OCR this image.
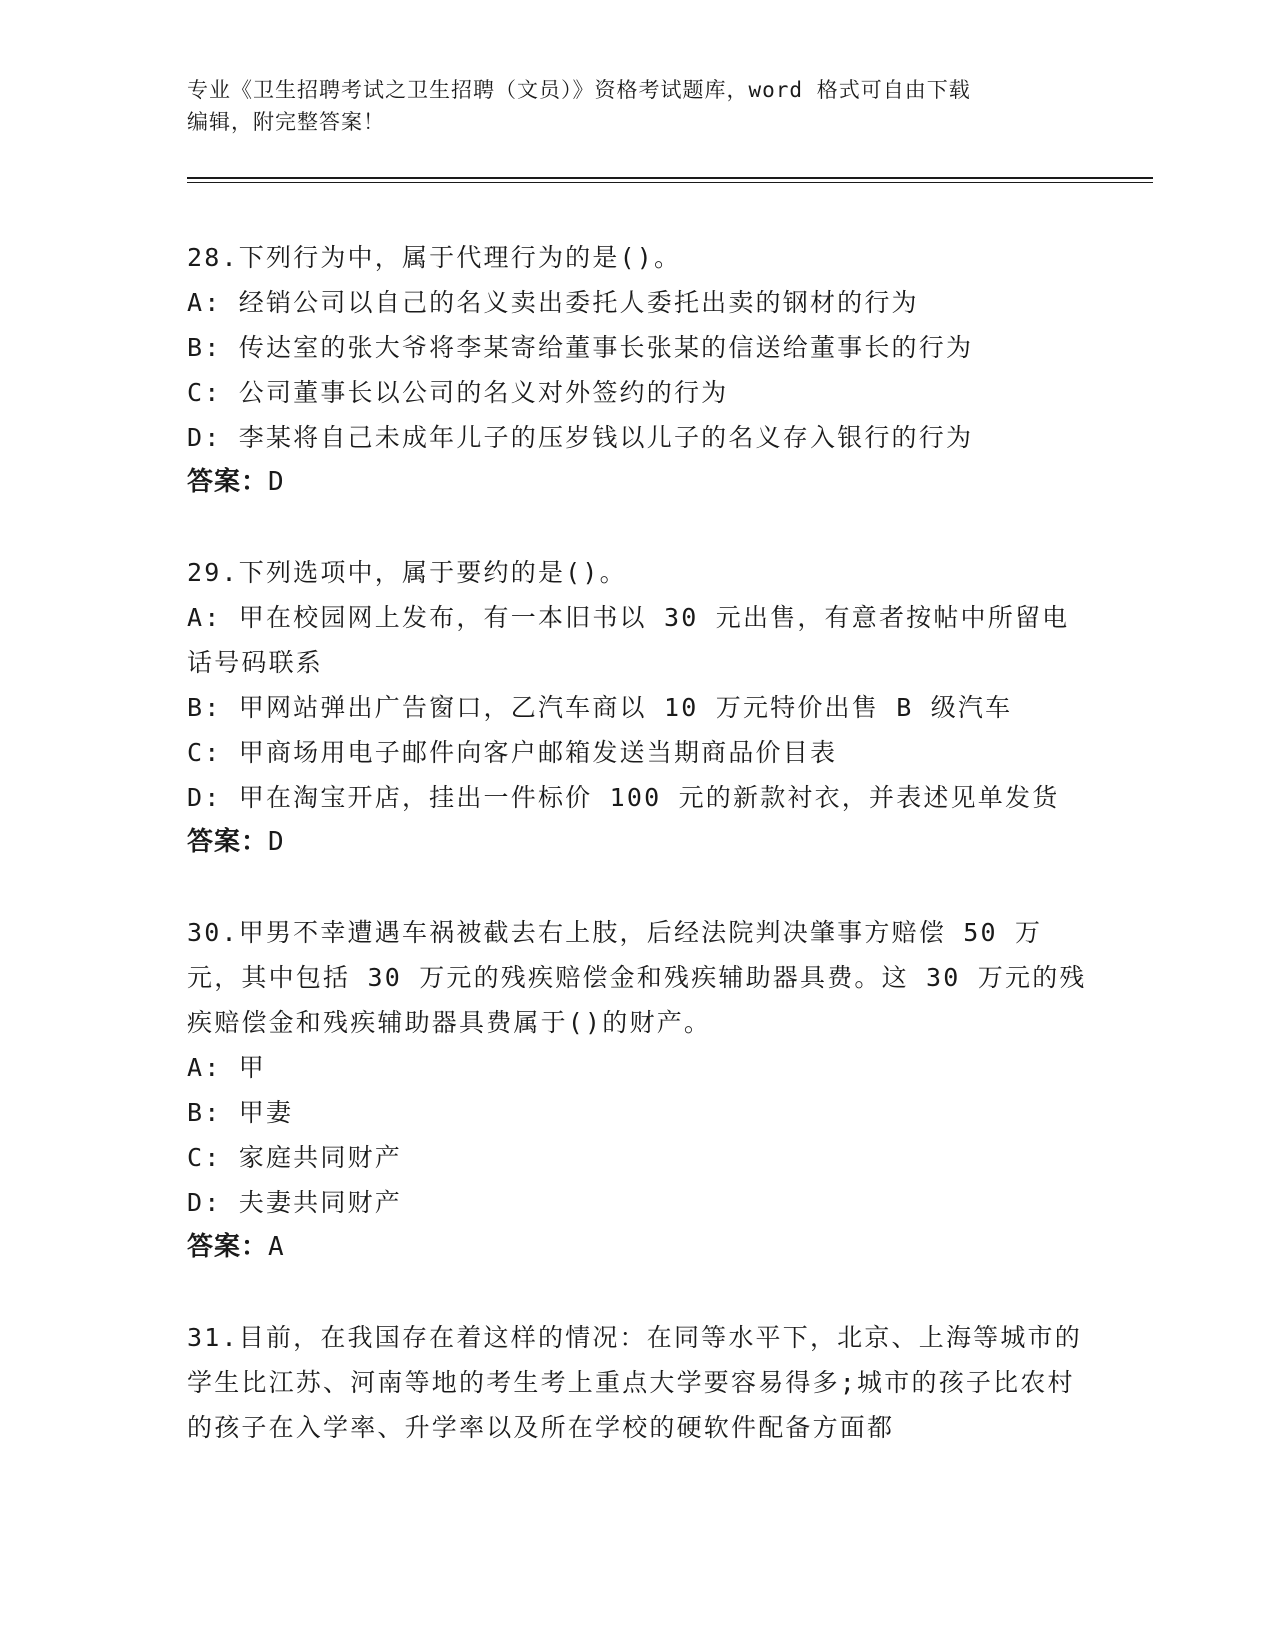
专业《卫生招聘考试之卫生招聘（文员）》资格考试题库，word 格式可自由下载
编辑，附完整答案！
28.下列行为中，属于代理行为的是()。
A: 经销公司以自己的名义卖出委托人委托出卖的钢材的行为
B: 传达室的张大爷将李某寄给董事长张某的信送给董事长的行为
C: 公司董事长以公司的名义对外签约的行为
D: 李某将自己未成年儿子的压岁钱以儿子的名义存入银行的行为
答案：D
29.下列选项中，属于要约的是()。
A: 甲在校园网上发布，有一本旧书以 30 元出售，有意者按帖中所留电话号码联系
B: 甲网站弹出广告窗口，乙汽车商以 10 万元特价出售 B 级汽车
C: 甲商场用电子邮件向客户邮箱发送当期商品价目表
D: 甲在淘宝开店，挂出一件标价 100 元的新款衬衣，并表述见单发货
答案：D
30.甲男不幸遭遇车祸被截去右上肢，后经法院判决肇事方赔偿 50 万元，其中包括 30 万元的残疾赔偿金和残疾辅助器具费。这 30 万元的残疾赔偿金和残疾辅助器具费属于()的财产。
A: 甲
B: 甲妻
C: 家庭共同财产
D: 夫妻共同财产
答案：A
31.目前，在我国存在着这样的情况：在同等水平下，北京、上海等城市的学生比江苏、河南等地的考生考上重点大学要容易得多;城市的孩子比农村的孩子在入学率、升学率以及所在学校的硬软件配备方面都
